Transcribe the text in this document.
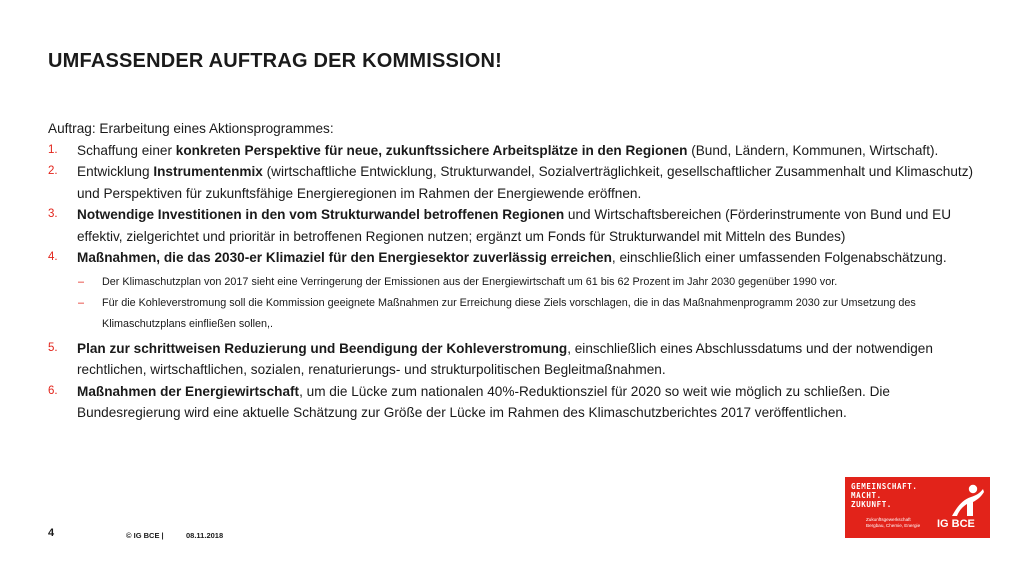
UMFASSENDER AUFTRAG DER KOMMISSION!

Auftrag: Erarbeitung eines Aktionsprogrammes:

1. Schaffung einer konkreten Perspektive für neue, zukunftssichere Arbeitsplätze in den Regionen (Bund, Ländern, Kommunen, Wirtschaft).
2. Entwicklung Instrumentenmix (wirtschaftliche Entwicklung, Strukturwandel, Sozialverträglichkeit, gesellschaftlicher Zusammenhalt und Klimaschutz) und Perspektiven für zukunftsfähige Energieregionen im Rahmen der Energiewende eröffnen.
3. Notwendige Investitionen in den vom Strukturwandel betroffenen Regionen und Wirtschaftsbereichen (Förderinstrumente von Bund und EU effektiv, zielgerichtet und prioritär in betroffenen Regionen nutzen; ergänzt um Fonds für Strukturwandel mit Mitteln des Bundes)
4. Maßnahmen, die das 2030-er Klimaziel für den Energiesektor zuverlässig erreichen, einschließlich einer umfassenden Folgenabschätzung.
– Der Klimaschutzplan von 2017 sieht eine Verringerung der Emissionen aus der Energiewirtschaft um 61 bis 62 Prozent im Jahr 2030 gegenüber 1990 vor.
– Für die Kohleverstromung soll die Kommission geeignete Maßnahmen zur Erreichung diese Ziels vorschlagen, die in das Maßnahmenprogramm 2030 zur Umsetzung des Klimaschutzplans einfließen sollen,.
5. Plan zur schrittweisen Reduzierung und Beendigung der Kohleverstromung, einschließlich eines Abschlussdatums und der notwendigen rechtlichen, wirtschaftlichen, sozialen, renaturierungs- und strukturpolitischen Begleitmaßnahmen.
6. Maßnahmen der Energiewirtschaft, um die Lücke zum nationalen 40%-Reduktionsziel für 2020 so weit wie möglich zu schließen. Die Bundesregierung wird eine aktuelle Schätzung zur Größe der Lücke im Rahmen des Klimaschutzberichtes 2017 veröffentlichen.
4	© IG BCE |	08.11.2018
GEMEINSCHAFT.
MACHT.
ZUKUNFT.
Zukunftsgewerkschaft
Bergbau, Chemie, Energie IG BCE
